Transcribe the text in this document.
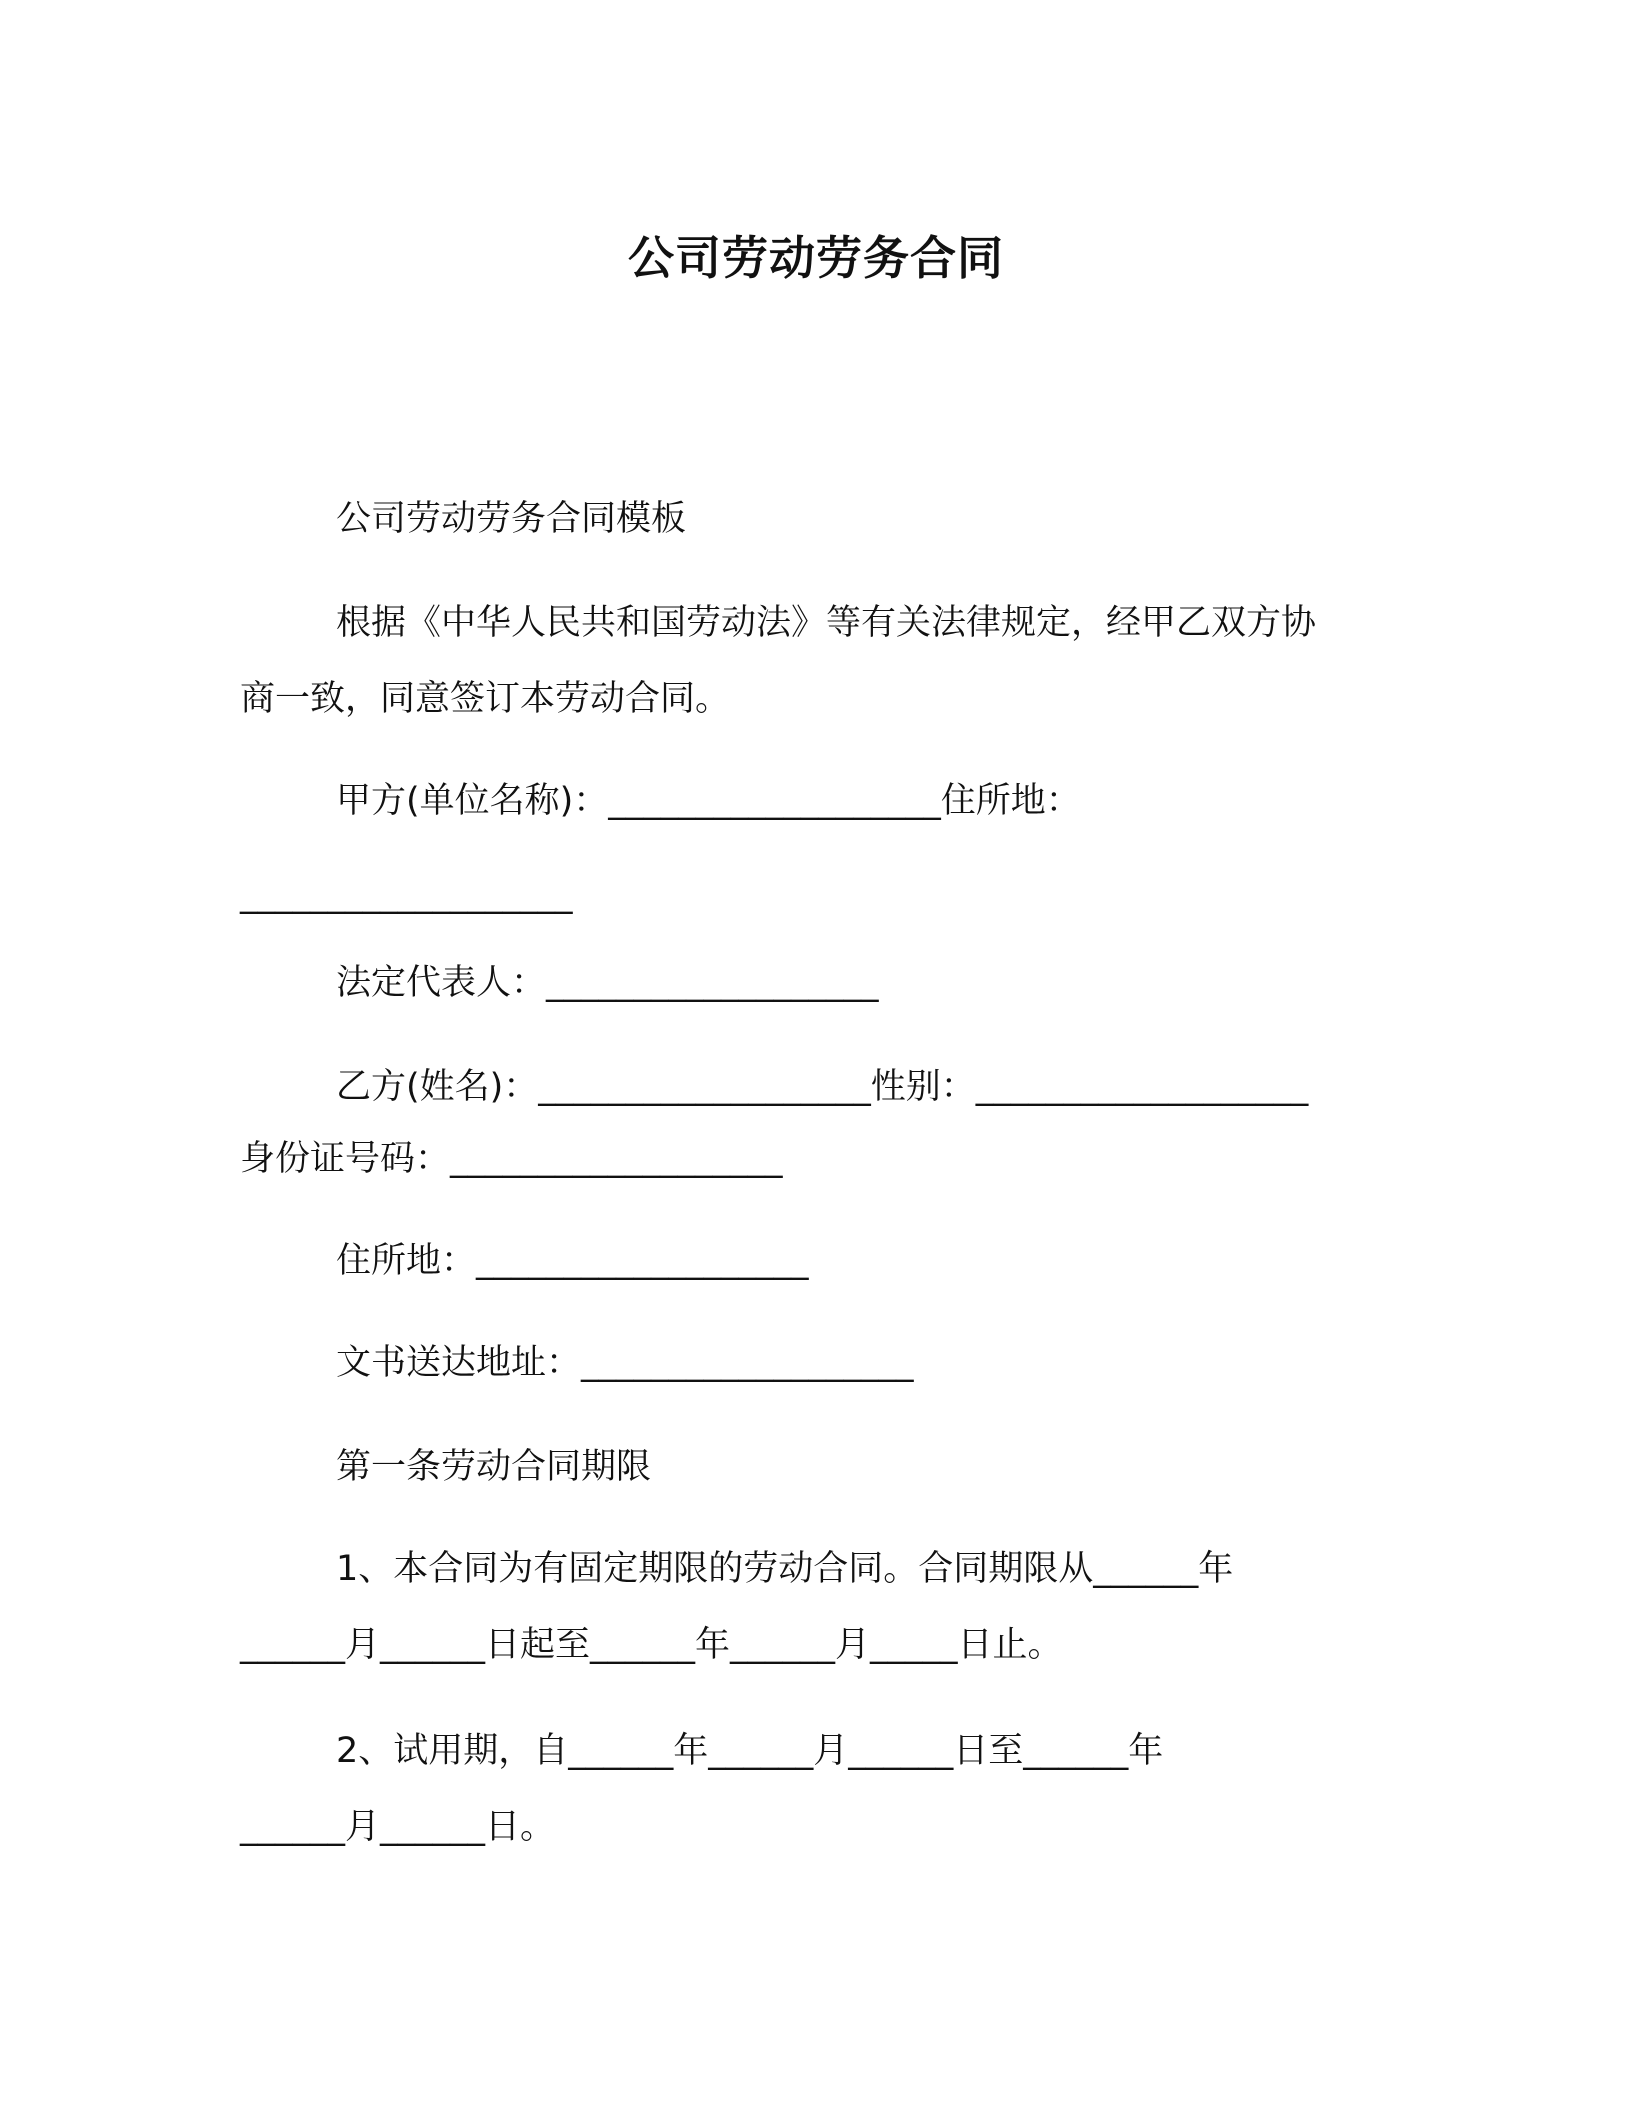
公司劳动劳务合同
公司劳动劳务合同模板
根据《中华人民共和国劳动法》等有关法律规定，经甲乙双方协
商一致，同意签订本劳动合同。
甲方(单位名称)：___________________住所地：
___________________
法定代表人：___________________
乙方(姓名)：___________________性别：___________________
身份证号码：___________________
住所地：___________________
文书送达地址：___________________
第一条劳动合同期限
1、本合同为有固定期限的劳动合同。合同期限从______年
______月______日起至______年______月_____日止。
2、试用期，自______年______月______日至______年
______月______日。
